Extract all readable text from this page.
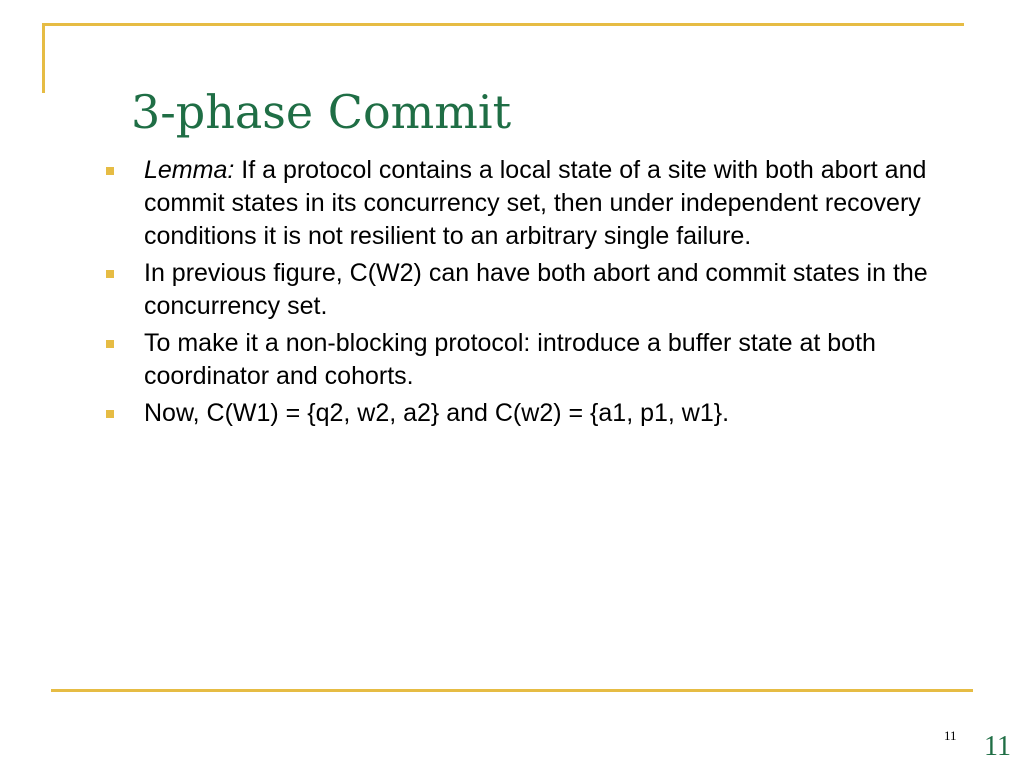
3-phase Commit
Lemma: If a protocol contains a local state of a site with both abort and commit states in its concurrency set, then under independent recovery conditions it is not resilient to an arbitrary single failure.
In previous figure, C(W2) can have both abort and commit states in the concurrency set.
To make it a non-blocking protocol: introduce a buffer state at both coordinator and cohorts.
Now, C(W1) = {q2, w2, a2} and C(w2) = {a1, p1, w1}.
11 11
